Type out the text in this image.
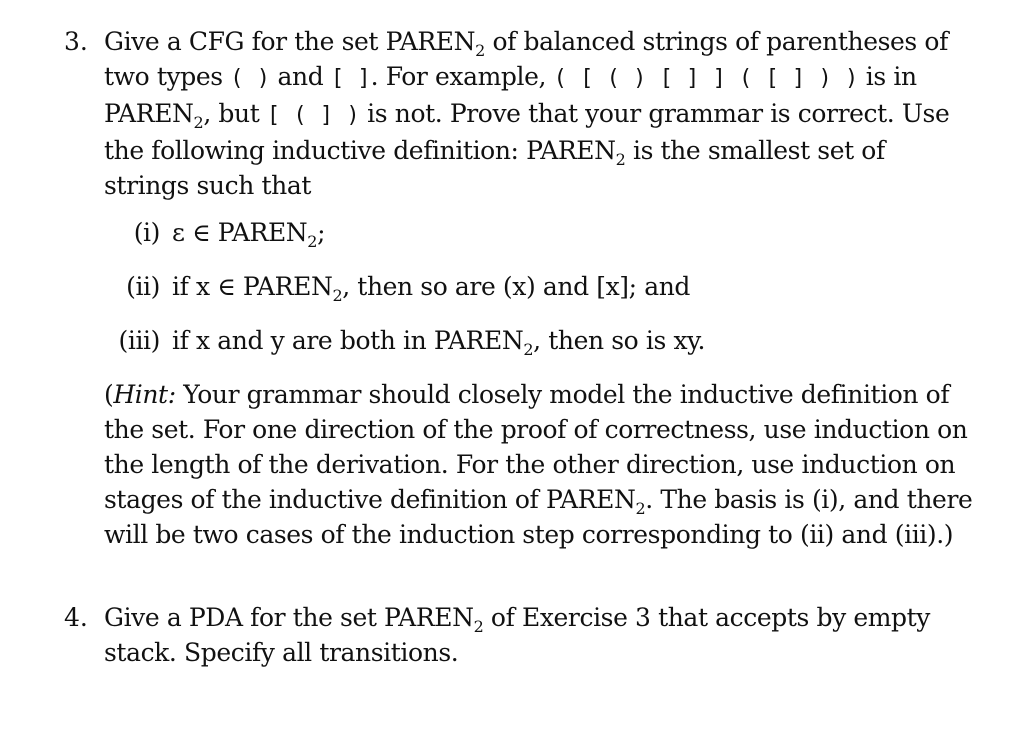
3. Give a CFG for the set $PAREN_2$ of balanced strings of parentheses of two types ( ) and [ ]. For example, ( [ ( ) [ ] ] ( [ ] ) ) is in $PAREN_2$, but [ ( ] ) is not. Prove that your grammar is correct. Use the following inductive definition: $PAREN_2$ is the smallest set of strings such that

(i) ε ∈ $PAREN_2$;
(ii) if x ∈ $PAREN_2$, then so are (x) and [x]; and
(iii) if x and y are both in $PAREN_2$, then so is xy.

(Hint: Your grammar should closely model the inductive definition of the set. For one direction of the proof of correctness, use induction on the length of the derivation. For the other direction, use induction on stages of the inductive definition of $PAREN_2$. The basis is (i), and there will be two cases of the induction step corresponding to (ii) and (iii).)

4. Give a PDA for the set $PAREN_2$ of Exercise 3 that accepts by empty stack. Specify all transitions.
